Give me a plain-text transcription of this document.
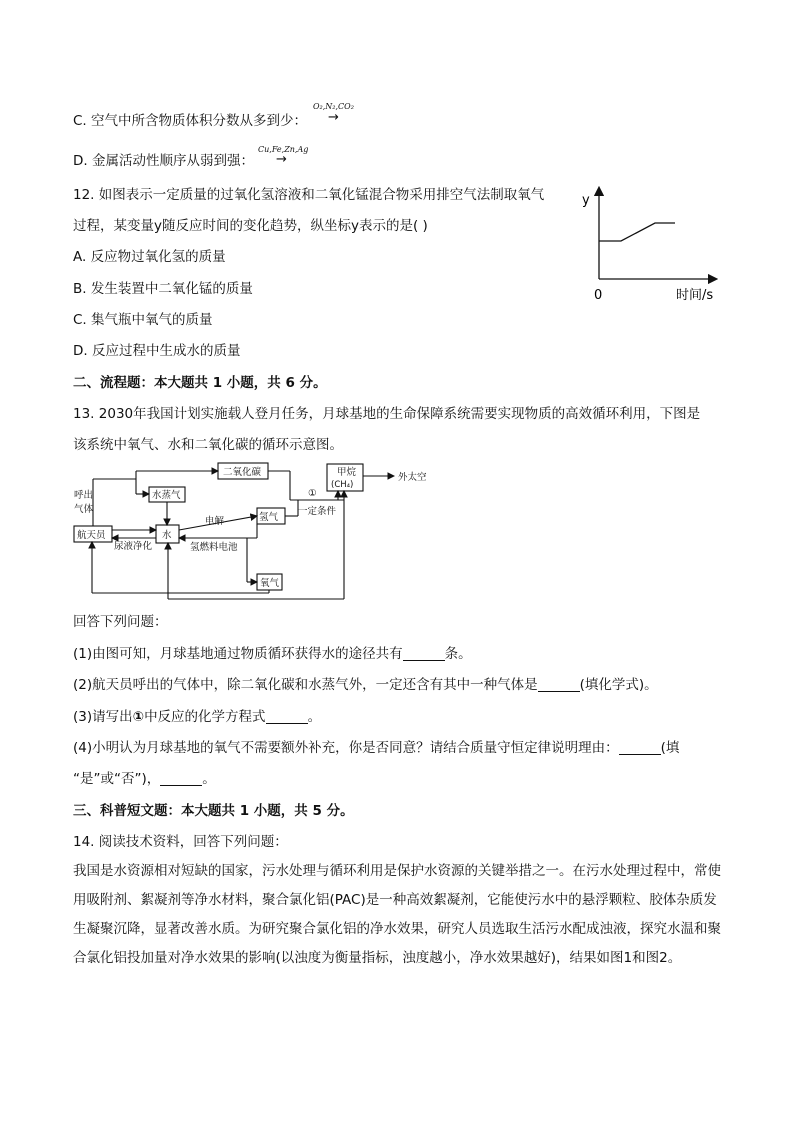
C. 空气中所含物质体积分数从多到少：
O₂,N₂,CO₂
→
D. 金属活动性顺序从弱到强：
Cu,Fe,Zn,Ag
→
12. 如图表示一定质量的过氧化氢溶液和二氧化锰混合物采用排空气法制取氧气
过程，某变量y随反应时间的变化趋势，纵坐标y表示的是( )
A. 反应物过氧化氢的质量
B. 发生装置中二氧化锰的质量
C. 集气瓶中氧气的质量
D. 反应过程中生成水的质量
y
0	时间/s
二、流程题：本大题共 1 小题，共 6 分。
13. 2030年我国计划实施载人登月任务，月球基地的生命保障系统需要实现物质的高效循环利用，下图是
该系统中氧气、水和二氧化碳的循环示意图。
二氧化碳	甲烷
(CH₄)
外太空
呼出
气体
水蒸气
氢气
航天员	水
电解
尿液净化	氢燃料电池
氧气
①
一定条件
回答下列问题：
(1)由图可知，月球基地通过物质循环获得水的途径共有	条。
(2)航天员呼出的气体中，除二氧化碳和水蒸气外，一定还含有其中一种气体是	(填化学式)。
(3)请写出①中反应的化学方程式	。
(4)小明认为月球基地的氧气不需要额外补充，你是否同意？请结合质量守恒定律说明理由：	(填
“是”或“否”)，	。
三、科普短文题：本大题共 1 小题，共 5 分。
14. 阅读技术资料，回答下列问题：
我国是水资源相对短缺的国家，污水处理与循环利用是保护水资源的关键举措之一。在污水处理过程中，常使用吸附剂、絮凝剂等净水材料，聚合氯化铝(PAC)是一种高效絮凝剂，它能使污水中的悬浮颗粒、胶体杂质发生凝聚沉降，显著改善水质。为研究聚合氯化铝的净水效果，研究人员选取生活污水配成浊液，探究水温和聚合氯化铝投加量对净水效果的影响(以浊度为衡量指标，浊度越小，净水效果越好)，结果如图1和图2。
